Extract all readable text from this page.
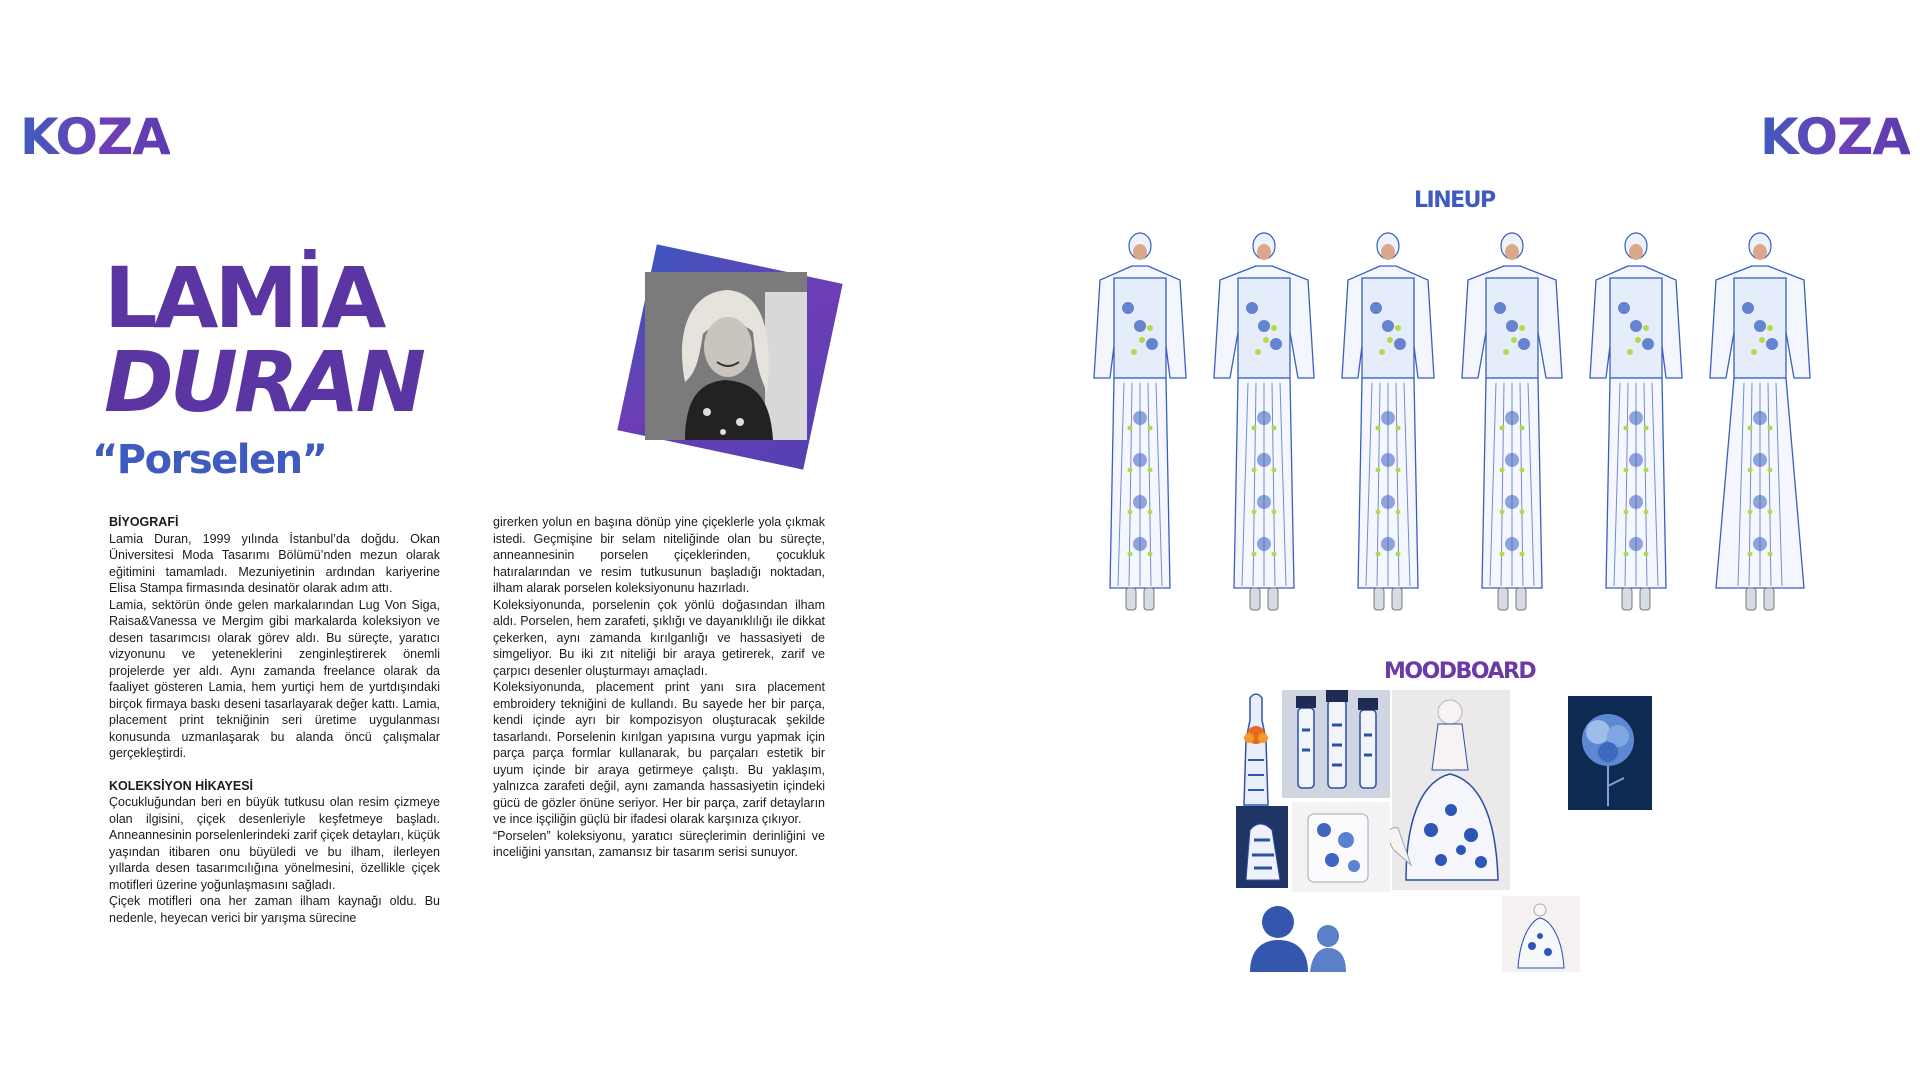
KOZA	KOZA
LAMİA
DURAN
“Porselen”

BİYOGRAFİ

Lamia Duran, 1999 yılında İstanbul’da doğdu. Okan Üniversitesi Moda Tasarımı Bölümü’nden mezun olarak eğitimini tamamladı. Mezuniyetinin ardından kariyerine Elisa Stampa firmasında desinatör olarak adım attı.

Lamia, sektörün önde gelen markalarından Lug Von Siga, Raisa&Vanessa ve Mergim gibi markalarda koleksiyon ve desen tasarımcısı olarak görev aldı. Bu süreçte, yaratıcı vizyonunu ve yeteneklerini zenginleştirerek önemli projelerde yer aldı. Aynı zamanda freelance olarak da faaliyet gösteren Lamia, hem yurtiçi hem de yurtdışındaki birçok firmaya baskı deseni tasarlayarak değer kattı. Lamia, placement print tekniğinin seri üretime uygulanması konusunda uzmanlaşarak bu alanda öncü çalışmalar gerçekleştirdi.

KOLEKSİYON HİKAYESİ

Çocukluğundan beri en büyük tutkusu olan resim çizmeye olan ilgisini, çiçek desenleriyle keşfetmeye başladı. Anneannesinin porselenlerindeki zarif çiçek detayları, küçük yaşından itibaren onu büyüledi ve bu ilham, ilerleyen yıllarda desen tasarımcılığına yönelmesini, özellikle çiçek motifleri üzerine yoğunlaşmasını sağladı.

Çiçek motifleri ona her zaman ilham kaynağı oldu. Bu nedenle, heyecan verici bir yarışma sürecine

girerken yolun en başına dönüp yine çiçeklerle yola çıkmak istedi. Geçmişine bir selam niteliğinde olan bu süreçte, anneannesinin porselen çiçeklerinden, çocukluk hatıralarından ve resim tutkusunun başladığı noktadan, ilham alarak porselen koleksiyonunu hazırladı.

Koleksiyonunda, porselenin çok yönlü doğasından ilham aldı. Porselen, hem zarafeti, şıklığı ve dayanıklılığı ile dikkat çekerken, aynı zamanda kırılganlığı ve hassasiyeti de simgeliyor. Bu iki zıt niteliği bir araya getirerek, zarif ve çarpıcı desenler oluşturmayı amaçladı.

Koleksiyonunda, placement print yanı sıra placement embroidery tekniğini de kullandı. Bu sayede her bir parça, kendi içinde ayrı bir kompozisyon oluşturacak şekilde tasarlandı. Porselenin kırılgan yapısına vurgu yapmak için parça parça formlar kullanarak, bu parçaları estetik bir uyum içinde bir araya getirmeye çalıştı. Bu yaklaşım, yalnızca zarafeti değil, aynı zamanda hassasiyetin içindeki gücü de gözler önüne seriyor. Her bir parça, zarif detayların ve ince işçiliğin güçlü bir ifadesi olarak karşınıza çıkıyor.

“Porselen” koleksiyonu, yaratıcı süreçlerimin derinliğini ve inceliğini yansıtan, zamansız bir tasarım serisi sunuyor.

LINEUP
MOODBOARD
